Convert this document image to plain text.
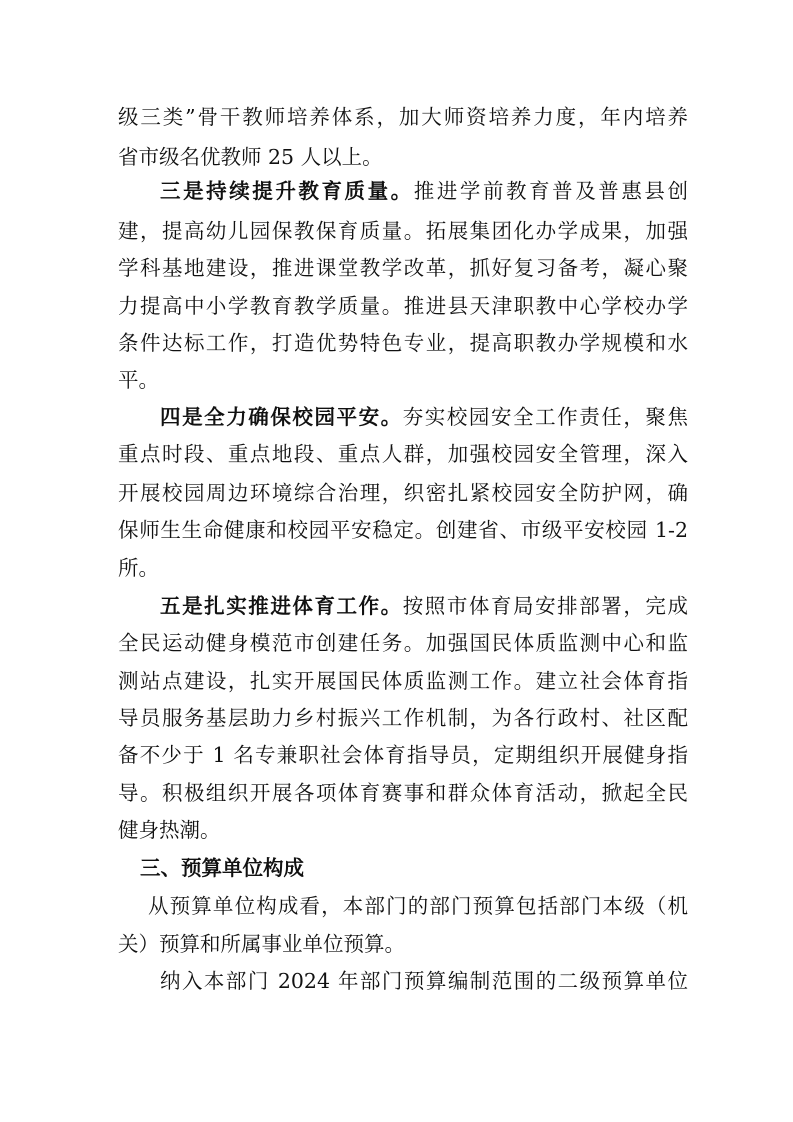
级三类”骨干教师培养体系，加大师资培养力度，年内培养
省市级名优教师 25 人以上。
三是持续提升教育质量。推进学前教育普及普惠县创
建，提高幼儿园保教保育质量。拓展集团化办学成果，加强
学科基地建设，推进课堂教学改革，抓好复习备考，凝心聚
力提高中小学教育教学质量。推进县天津职教中心学校办学
条件达标工作，打造优势特色专业，提高职教办学规模和水
平。
四是全力确保校园平安。夯实校园安全工作责任，聚焦
重点时段、重点地段、重点人群，加强校园安全管理，深入
开展校园周边环境综合治理，织密扎紧校园安全防护网，确
保师生生命健康和校园平安稳定。创建省、市级平安校园 1-2
所。
五是扎实推进体育工作。按照市体育局安排部署，完成
全民运动健身模范市创建任务。加强国民体质监测中心和监
测站点建设，扎实开展国民体质监测工作。建立社会体育指
导员服务基层助力乡村振兴工作机制，为各行政村、社区配
备不少于 1 名专兼职社会体育指导员，定期组织开展健身指
导。积极组织开展各项体育赛事和群众体育活动，掀起全民
健身热潮。
三、预算单位构成
从预算单位构成看，本部门的部门预算包括部门本级（机
关）预算和所属事业单位预算。
纳入本部门 2024 年部门预算编制范围的二级预算单位
